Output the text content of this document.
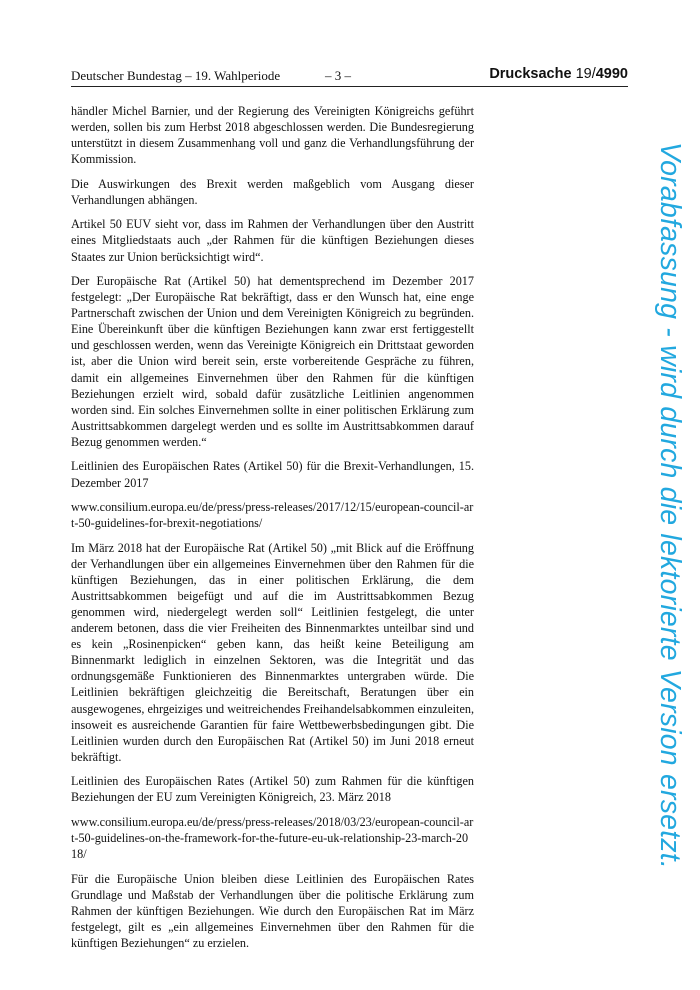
Deutscher Bundestag – 19. Wahlperiode	– 3 –	Drucksache 19/4990

händler Michel Barnier, und der Regierung des Vereinigten Königreichs geführt werden, sollen bis zum Herbst 2018 abgeschlossen werden. Die Bundesregierung unterstützt in diesem Zusammenhang voll und ganz die Verhandlungsführung der Kommission.

Die Auswirkungen des Brexit werden maßgeblich vom Ausgang dieser Verhandlungen abhängen.

Artikel 50 EUV sieht vor, dass im Rahmen der Verhandlungen über den Austritt eines Mitgliedstaats auch „der Rahmen für die künftigen Beziehungen dieses Staates zur Union berücksichtigt wird“.

Der Europäische Rat (Artikel 50) hat dementsprechend im Dezember 2017 festgelegt: „Der Europäische Rat bekräftigt, dass er den Wunsch hat, eine enge Partnerschaft zwischen der Union und dem Vereinigten Königreich zu begründen. Eine Übereinkunft über die künftigen Beziehungen kann zwar erst fertiggestellt und geschlossen werden, wenn das Vereinigte Königreich ein Drittstaat geworden ist, aber die Union wird bereit sein, erste vorbereitende Gespräche zu führen, damit ein allgemeines Einvernehmen über den Rahmen für die künftigen Beziehungen erzielt wird, sobald dafür zusätzliche Leitlinien angenommen worden sind. Ein solches Einvernehmen sollte in einer politischen Erklärung zum Austrittsabkommen dargelegt werden und es sollte im Austrittsabkommen darauf Bezug genommen werden.“

Leitlinien des Europäischen Rates (Artikel 50) für die Brexit-Verhandlungen, 15. Dezember 2017

www.consilium.europa.eu/de/press/press-releases/2017/12/15/european-council-art-50-guidelines-for-brexit-negotiations/

Im März 2018 hat der Europäische Rat (Artikel 50) „mit Blick auf die Eröffnung der Verhandlungen über ein allgemeines Einvernehmen über den Rahmen für die künftigen Beziehungen, das in einer politischen Erklärung, die dem Austrittsabkommen beigefügt und auf die im Austrittsabkommen Bezug genommen wird, niedergelegt werden soll“ Leitlinien festgelegt, die unter anderem betonen, dass die vier Freiheiten des Binnenmarktes unteilbar sind und es kein „Rosinenpicken“ geben kann, das heißt keine Beteiligung am Binnenmarkt lediglich in einzelnen Sektoren, was die Integrität und das ordnungsgemäße Funktionieren des Binnenmarktes untergraben würde. Die Leitlinien bekräftigen gleichzeitig die Bereitschaft, Beratungen über ein ausgewogenes, ehrgeiziges und weitreichendes Freihandelsabkommen einzuleiten, insoweit es ausreichende Garantien für faire Wettbewerbsbedingungen gibt. Die Leitlinien wurden durch den Europäischen Rat (Artikel 50) im Juni 2018 erneut bekräftigt.

Leitlinien des Europäischen Rates (Artikel 50) zum Rahmen für die künftigen Beziehungen der EU zum Vereinigten Königreich, 23. März 2018

www.consilium.europa.eu/de/press/press-releases/2018/03/23/european-council-art-50-guidelines-on-the-framework-for-the-future-eu-uk-relationship-23-march-2018/

Für die Europäische Union bleiben diese Leitlinien des Europäischen Rates Grundlage und Maßstab der Verhandlungen über die politische Erklärung zum Rahmen der künftigen Beziehungen. Wie durch den Europäischen Rat im März festgelegt, gilt es „ein allgemeines Einvernehmen über den Rahmen für die künftigen Beziehungen“ zu erzielen.

Vorabfassung - wird durch die lektorierte Version ersetzt.
